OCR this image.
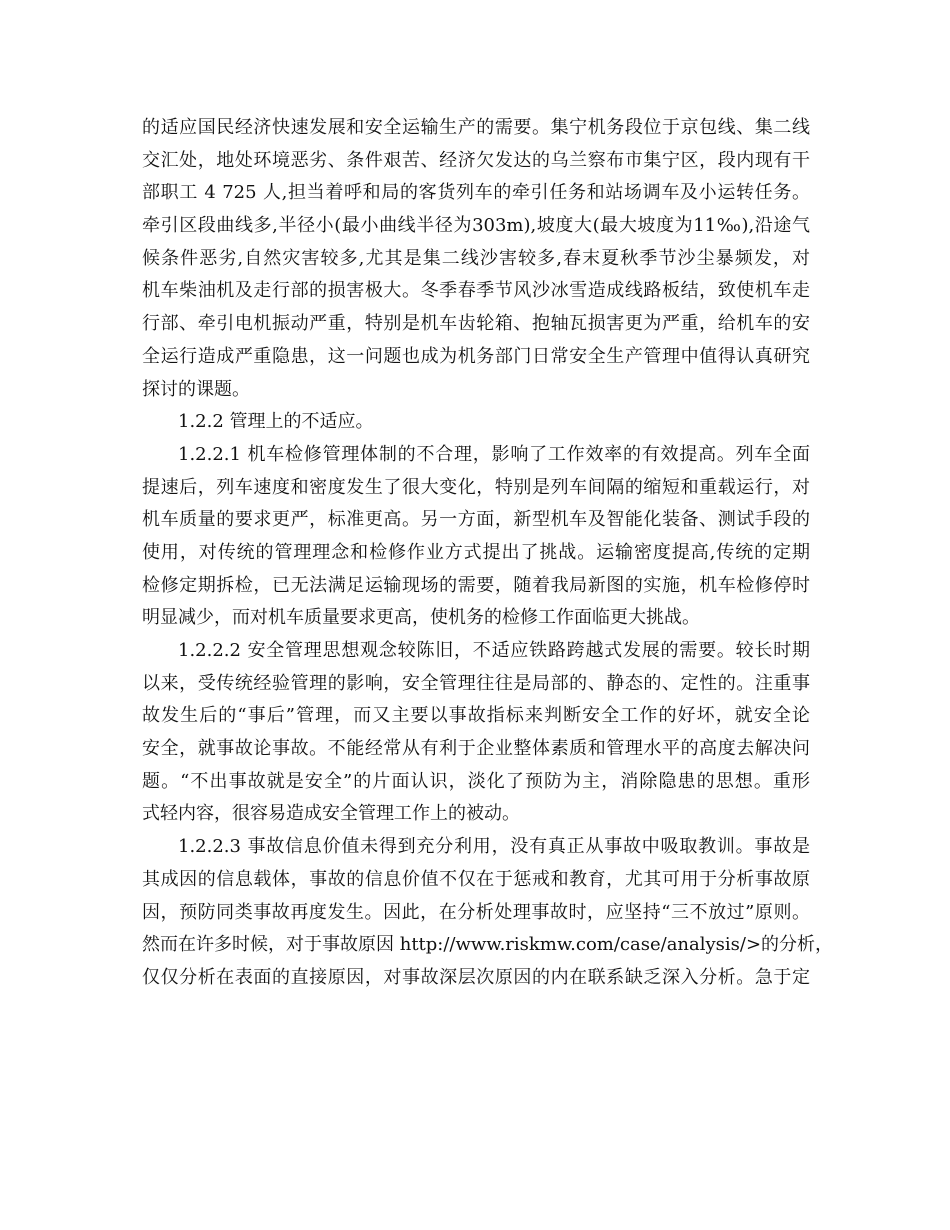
的适应国民经济快速发展和安全运输生产的需要。集宁机务段位于京包线、集二线
交汇处，地处环境恶劣、条件艰苦、经济欠发达的乌兰察布市集宁区，段内现有干
部职工 4 725 人,担当着呼和局的客货列车的牵引任务和站场调车及小运转任务。
牵引区段曲线多,半径小(最小曲线半径为303m),坡度大(最大坡度为11‰),沿途气
候条件恶劣,自然灾害较多,尤其是集二线沙害较多,春末夏秋季节沙尘暴频发，对
机车柴油机及走行部的损害极大。冬季春季节风沙冰雪造成线路板结，致使机车走
行部、牵引电机振动严重，特别是机车齿轮箱、抱轴瓦损害更为严重，给机车的安
全运行造成严重隐患，这一问题也成为机务部门日常安全生产管理中值得认真研究
探讨的课题。
1.2.2 管理上的不适应。
1.2.2.1 机车检修管理体制的不合理，影响了工作效率的有效提高。列车全面
提速后，列车速度和密度发生了很大变化，特别是列车间隔的缩短和重载运行，对
机车质量的要求更严，标准更高。另一方面，新型机车及智能化装备、测试手段的
使用，对传统的管理理念和检修作业方式提出了挑战。运输密度提高,传统的定期
检修定期拆检，已无法满足运输现场的需要，随着我局新图的实施，机车检修停时
明显减少，而对机车质量要求更高，使机务的检修工作面临更大挑战。
1.2.2.2 安全管理思想观念较陈旧，不适应铁路跨越式发展的需要。较长时期
以来，受传统经验管理的影响，安全管理往往是局部的、静态的、定性的。注重事
故发生后的“事后”管理，而又主要以事故指标来判断安全工作的好坏，就安全论
安全，就事故论事故。不能经常从有利于企业整体素质和管理水平的高度去解决问
题。“不出事故就是安全”的片面认识，淡化了预防为主，消除隐患的思想。重形
式轻内容，很容易造成安全管理工作上的被动。
1.2.2.3 事故信息价值未得到充分利用，没有真正从事故中吸取教训。事故是
其成因的信息载体，事故的信息价值不仅在于惩戒和教育，尤其可用于分析事故原
因，预防同类事故再度发生。因此，在分析处理事故时，应坚持“三不放过”原则。
然而在许多时候，对于事故原因 http://www.riskmw.com/case/analysis/>的分析，
仅仅分析在表面的直接原因，对事故深层次原因的内在联系缺乏深入分析。急于定
